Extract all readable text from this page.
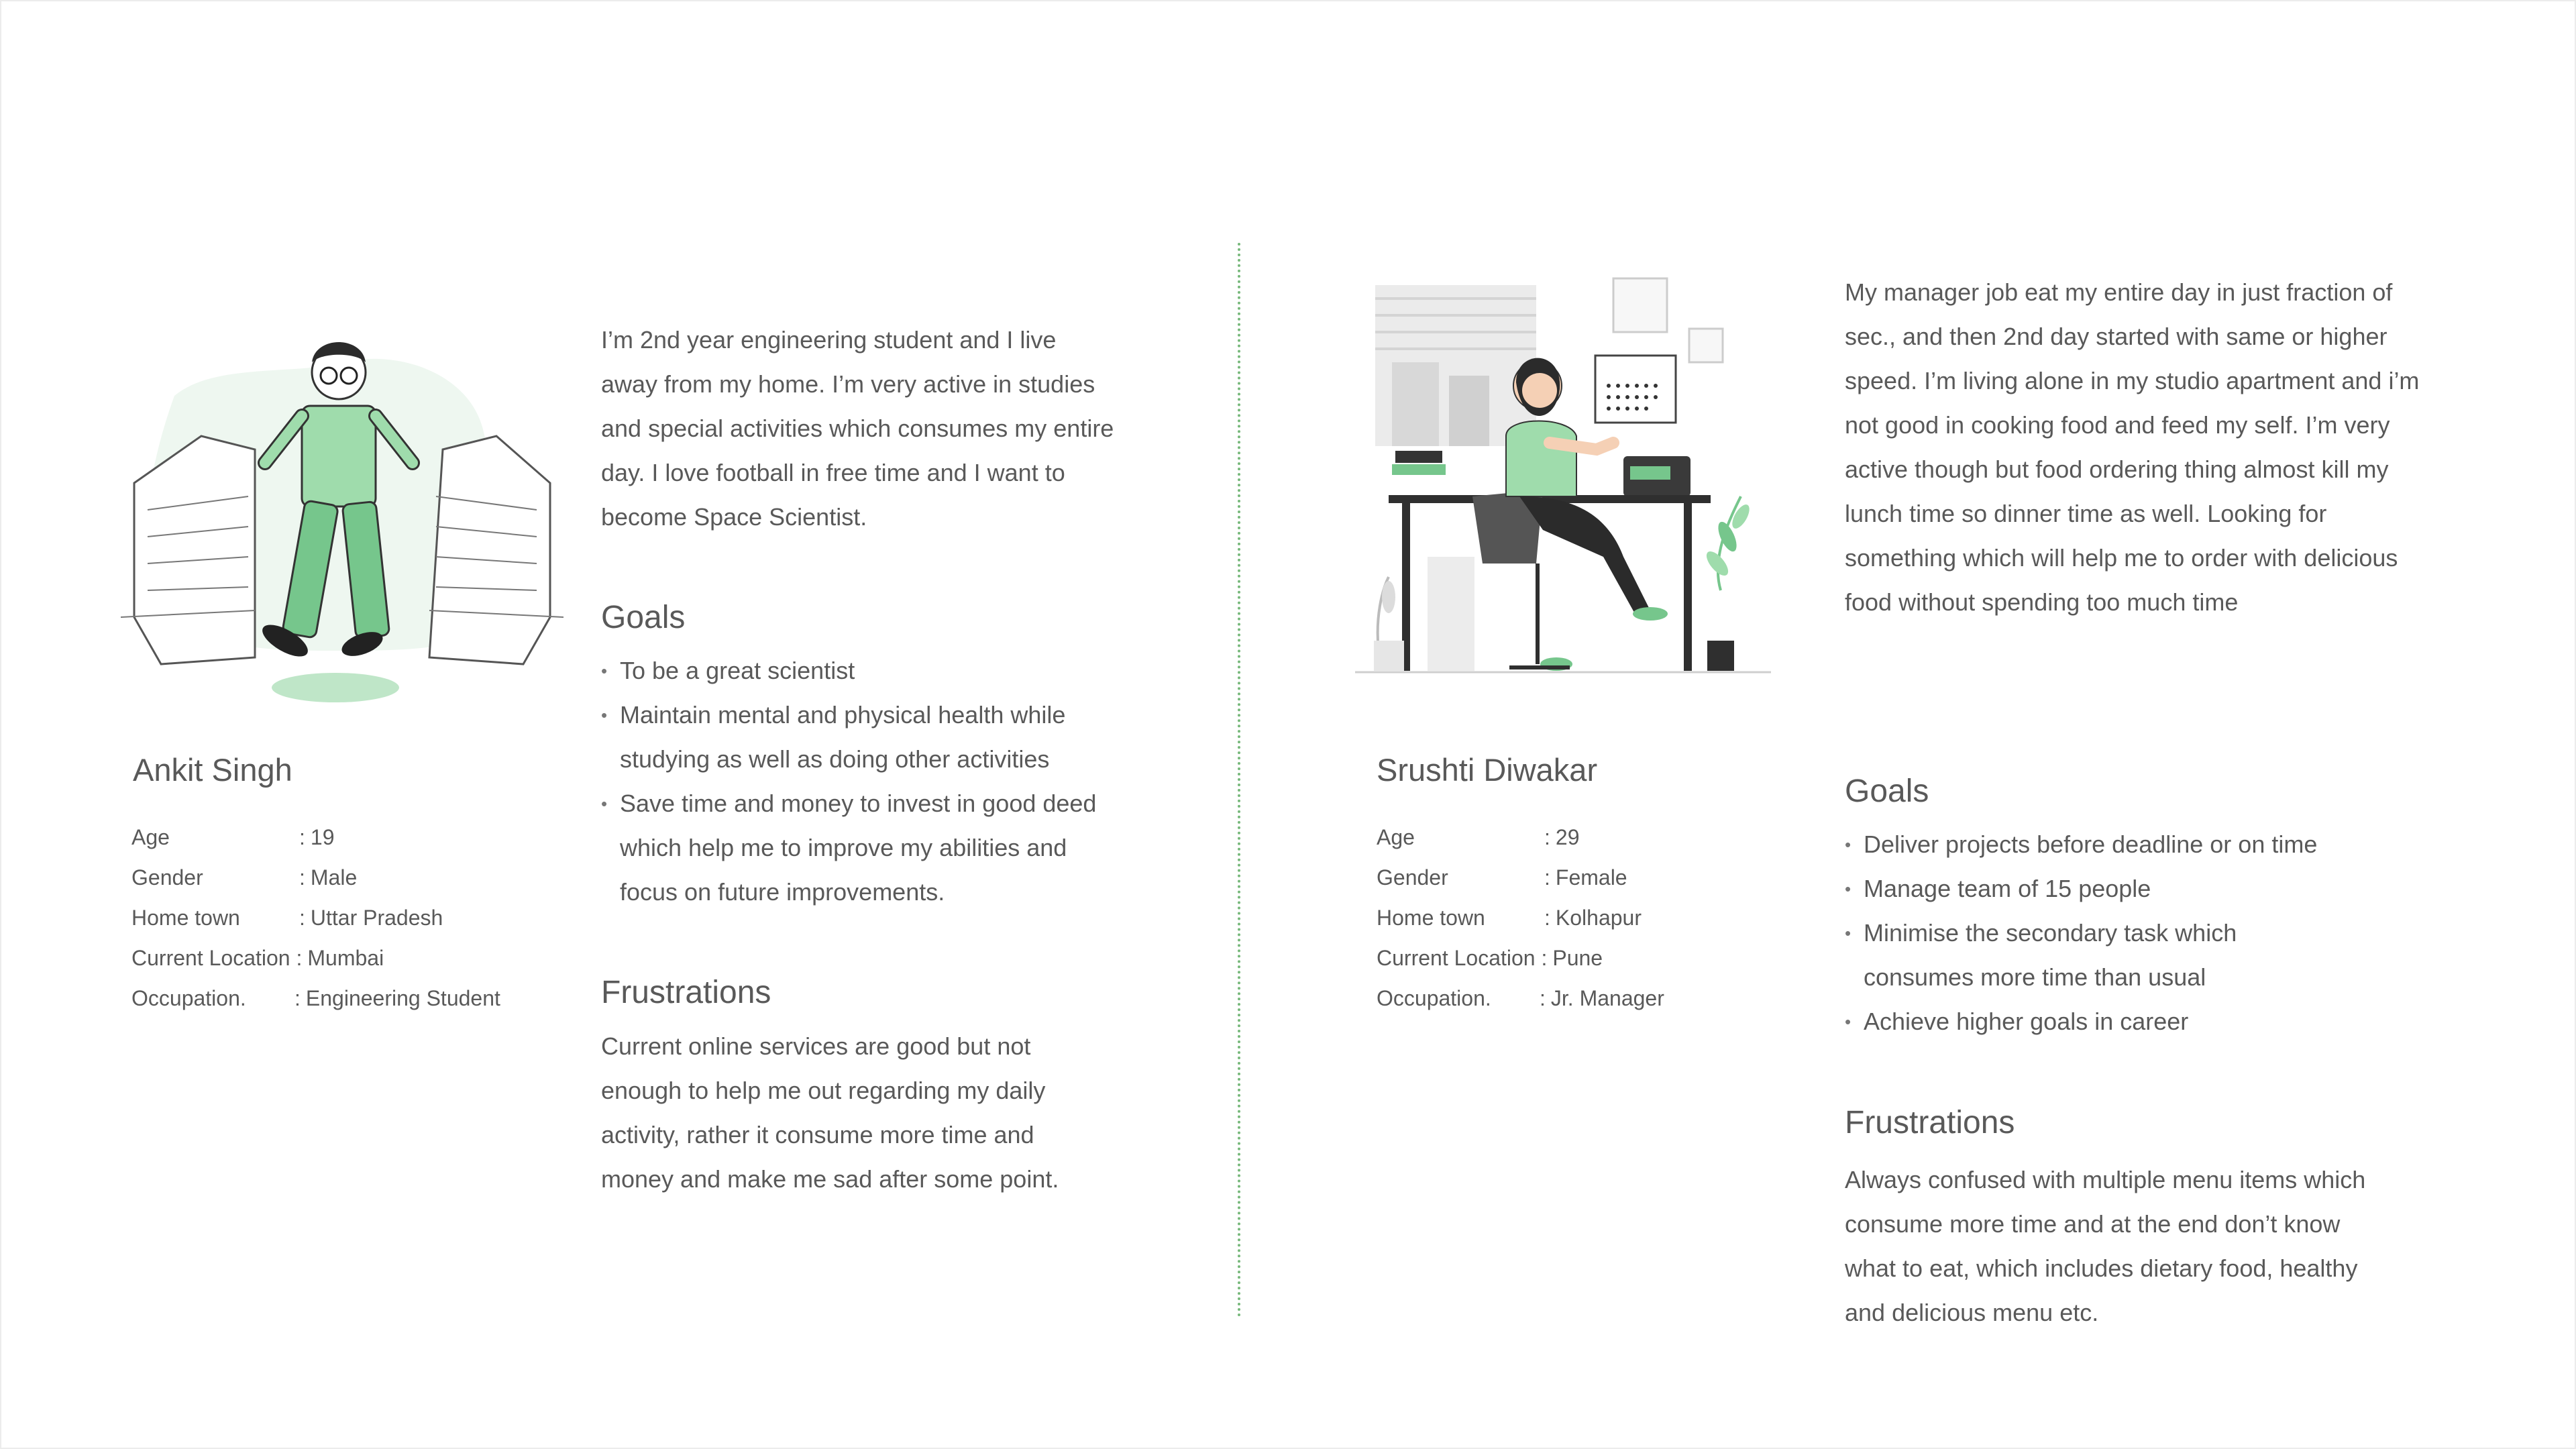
Ankit Singh
Age	: 19
Gender	: Male
Home town	: Uttar Pradesh
Current Location : Mumbai
Occupation.	: Engineering Student

I’m 2nd year engineering student and I live away from my home. I’m very active in studies and special activities which consumes my entire day. I love football in free time and I want to become Space Scientist.

Goals
• To be a great scientist
• Maintain mental and physical health while studying as well as doing other activities
• Save time and money to invest in good deed which help me to improve my abilities and focus on future improvements.
Frustrations

Current online services are good but not enough to help me out regarding my daily activity, rather it consume more time and money and make me sad after some point.

My manager job eat my entire day in just fraction of sec., and then 2nd day started with same or higher speed. I’m living alone in my studio apartment and i’m not good in cooking food and feed my self. I’m very active though but food ordering thing almost kill my lunch time so dinner time as well. Looking for something which will help me to order with delicious food without spending too much time

Srushti Diwakar
Age	: 29
Gender	: Female
Home town	: Kolhapur
Current Location : Pune
Occupation.	: Jr. Manager
Goals
• Deliver projects before deadline or on time
• Manage team of 15 people
• Minimise the secondary task which consumes more time than usual
• Achieve higher goals in career
Frustrations

Always confused with multiple menu items which consume more time and at the end don’t know what to eat, which includes dietary food, healthy and delicious menu etc.
